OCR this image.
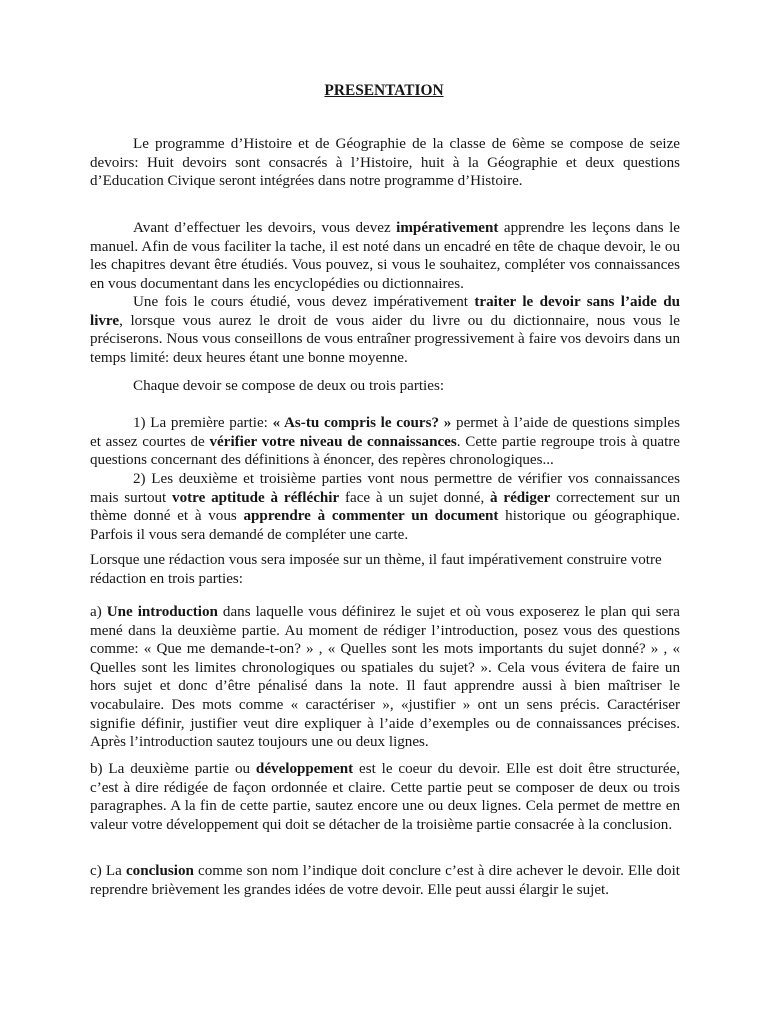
PRESENTATION

Le programme d’Histoire et de Géographie de la classe de 6ème se compose de seize devoirs: Huit devoirs sont consacrés à l’Histoire, huit à la Géographie et deux questions d’Education Civique seront intégrées dans notre programme d’Histoire.

Avant d’effectuer les devoirs, vous devez impérativement apprendre les leçons dans le manuel. Afin de vous faciliter la tache, il est noté dans un encadré en tête de chaque devoir, le ou les chapitres devant être étudiés. Vous pouvez, si vous le souhaitez, compléter vos connaissances en vous documentant dans les encyclopédies ou dictionnaires.

Une fois le cours étudié, vous devez impérativement traiter le devoir sans l’aide du livre, lorsque vous aurez le droit de vous aider du livre ou du dictionnaire, nous vous le préciserons. Nous vous conseillons de vous entraîner progressivement à faire vos devoirs dans un temps limité: deux heures étant une bonne moyenne.

Chaque devoir se compose de deux ou trois parties:

1) La première partie: « As-tu compris le cours? » permet à l’aide de questions simples et assez courtes de vérifier votre niveau de connaissances. Cette partie regroupe trois à quatre questions concernant des définitions à énoncer, des repères chronologiques...

2) Les deuxième et troisième parties vont nous permettre de vérifier vos connaissances mais surtout votre aptitude à réfléchir face à un sujet donné, à rédiger correctement sur un thème donné et à vous apprendre à commenter un document historique ou géographique. Parfois il vous sera demandé de compléter une carte.

Lorsque une rédaction vous sera imposée sur un thème, il faut impérativement construire votre rédaction en trois parties:

a) Une introduction dans laquelle vous définirez le sujet et où vous exposerez le plan qui sera mené dans la deuxième partie. Au moment de rédiger l’introduction, posez vous des questions comme: « Que me demande-t-on? » , « Quelles sont les mots importants du sujet donné? » , « Quelles sont les limites chronologiques ou spatiales du sujet? ». Cela vous évitera de faire un hors sujet et donc d’être pénalisé dans la note. Il faut apprendre aussi à bien maîtriser le vocabulaire. Des mots comme « caractériser », «justifier » ont un sens précis. Caractériser signifie définir, justifier veut dire expliquer à l’aide d’exemples ou de connaissances précises. Après l’introduction sautez toujours une ou deux lignes.

b) La deuxième partie ou développement est le coeur du devoir. Elle est doit être structurée, c’est à dire rédigée de façon ordonnée et claire. Cette partie peut se composer de deux ou trois paragraphes. A la fin de cette partie, sautez encore une ou deux lignes. Cela permet de mettre en valeur votre développement qui doit se détacher de la troisième partie consacrée à la conclusion.

c) La conclusion comme son nom l’indique doit conclure c’est à dire achever le devoir. Elle doit reprendre brièvement les grandes idées de votre devoir. Elle peut aussi élargir le sujet.
